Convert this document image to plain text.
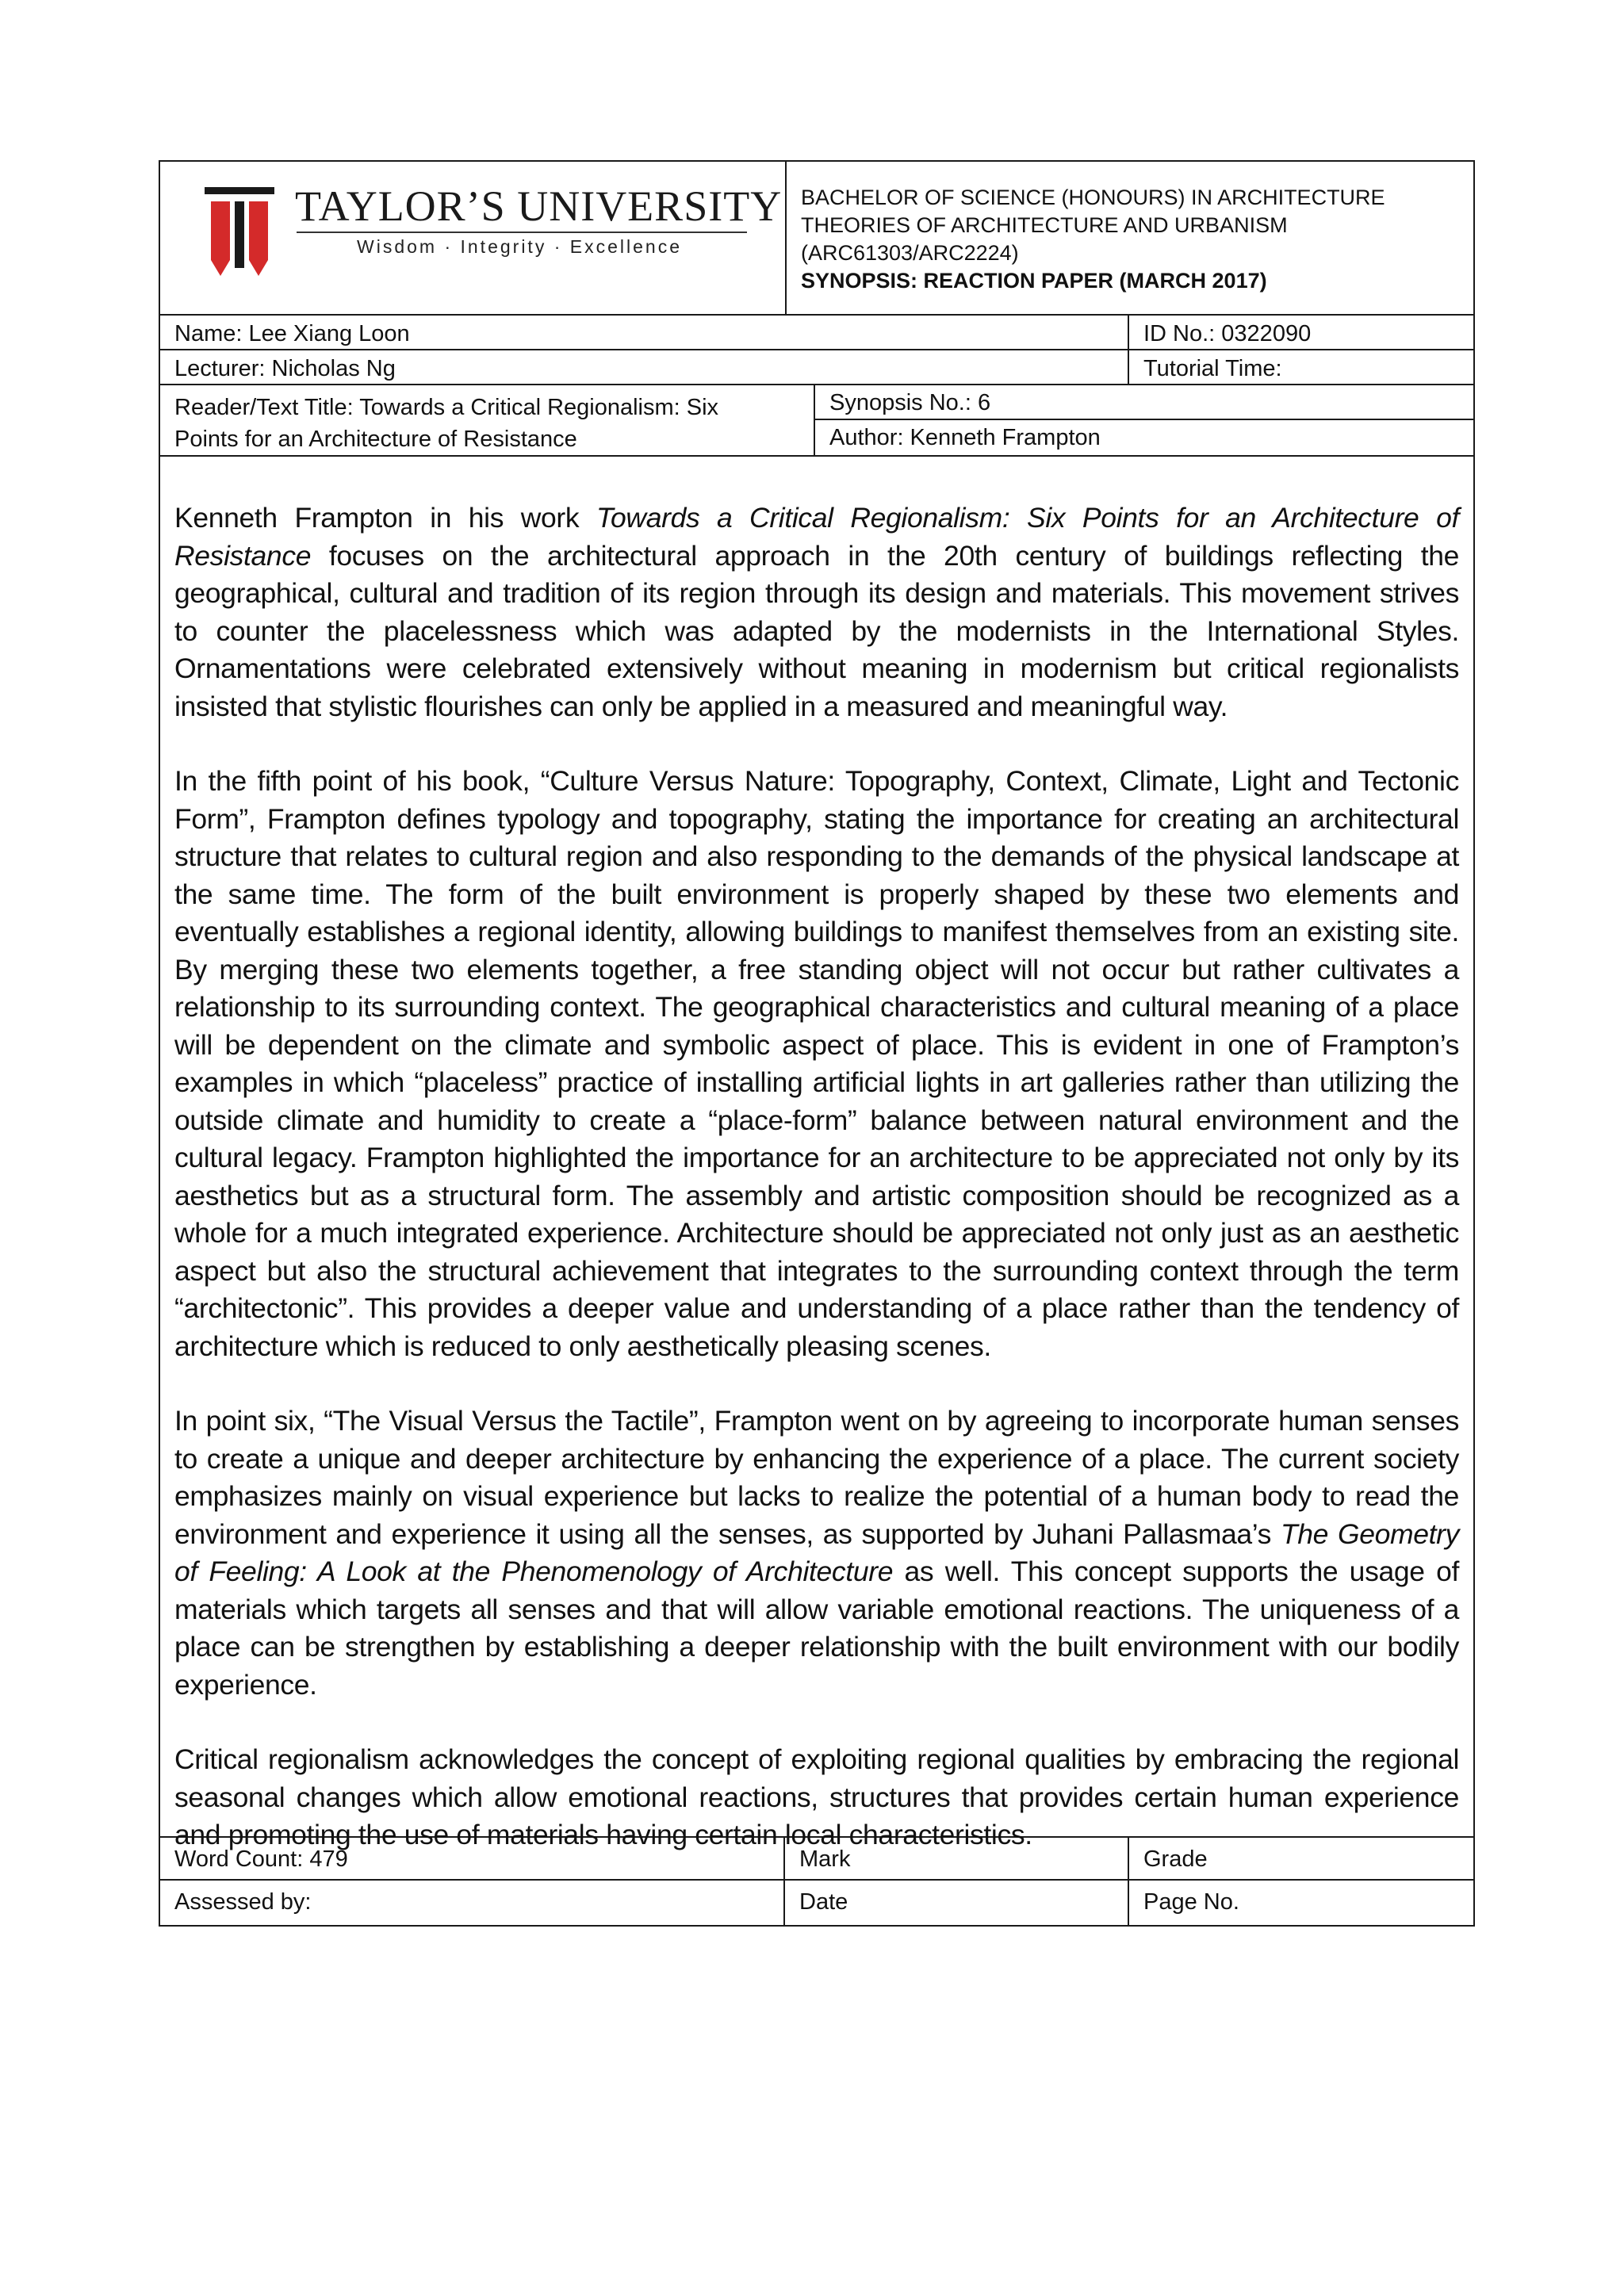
TAYLOR’S UNIVERSITY
Wisdom · Integrity · Excellence
BACHELOR OF SCIENCE (HONOURS) IN ARCHITECTURE
THEORIES OF ARCHITECTURE AND URBANISM
(ARC61303/ARC2224)
SYNOPSIS: REACTION PAPER (MARCH 2017)
Name: Lee Xiang Loon	ID No.: 0322090
Lecturer: Nicholas Ng	Tutorial Time:
Reader/Text Title: Towards a Critical Regionalism: Six
Points for an Architecture of Resistance
Synopsis No.: 6
Author: Kenneth Frampton

Kenneth Frampton in his work Towards a Critical Regionalism: Six Points for an Architecture of Resistance focuses on the architectural approach in the 20th century of buildings reflecting the geographical, cultural and tradition of its region through its design and materials. This movement strives to counter the placelessness which was adapted by the modernists in the International Styles. Ornamentations were celebrated extensively without meaning in modernism but critical regionalists insisted that stylistic flourishes can only be applied in a measured and meaningful way.

In the fifth point of his book, “Culture Versus Nature: Topography, Context, Climate, Light and Tectonic Form”, Frampton defines typology and topography, stating the importance for creating an architectural structure that relates to cultural region and also responding to the demands of the physical landscape at the same time. The form of the built environment is properly shaped by these two elements and eventually establishes a regional identity, allowing buildings to manifest themselves from an existing site. By merging these two elements together, a free standing object will not occur but rather cultivates a relationship to its surrounding context. The geographical characteristics and cultural meaning of a place will be dependent on the climate and symbolic aspect of place. This is evident in one of Frampton’s examples in which “placeless” practice of installing artificial lights in art galleries rather than utilizing the outside climate and humidity to create a “place-form” balance between natural environment and the cultural legacy. Frampton highlighted the importance for an architecture to be appreciated not only by its aesthetics but as a structural form. The assembly and artistic composition should be recognized as a whole for a much integrated experience. Architecture should be appreciated not only just as an aesthetic aspect but also the structural achievement that integrates to the surrounding context through the term “architectonic”. This provides a deeper value and understanding of a place rather than the tendency of architecture which is reduced to only aesthetically pleasing scenes.

In point six, “The Visual Versus the Tactile”, Frampton went on by agreeing to incorporate human senses to create a unique and deeper architecture by enhancing the experience of a place. The current society emphasizes mainly on visual experience but lacks to realize the potential of a human body to read the environment and experience it using all the senses, as supported by Juhani Pallasmaa’s The Geometry of Feeling: A Look at the Phenomenology of Architecture as well. This concept supports the usage of materials which targets all senses and that will allow variable emotional reactions. The uniqueness of a place can be strengthen by establishing a deeper relationship with the built environment with our bodily experience.

Critical regionalism acknowledges the concept of exploiting regional qualities by embracing the regional seasonal changes which allow emotional reactions, structures that provides certain human experience and promoting the use of materials having certain local characteristics.

Word Count: 479	Mark	Grade
Assessed by:	Date	Page No.
